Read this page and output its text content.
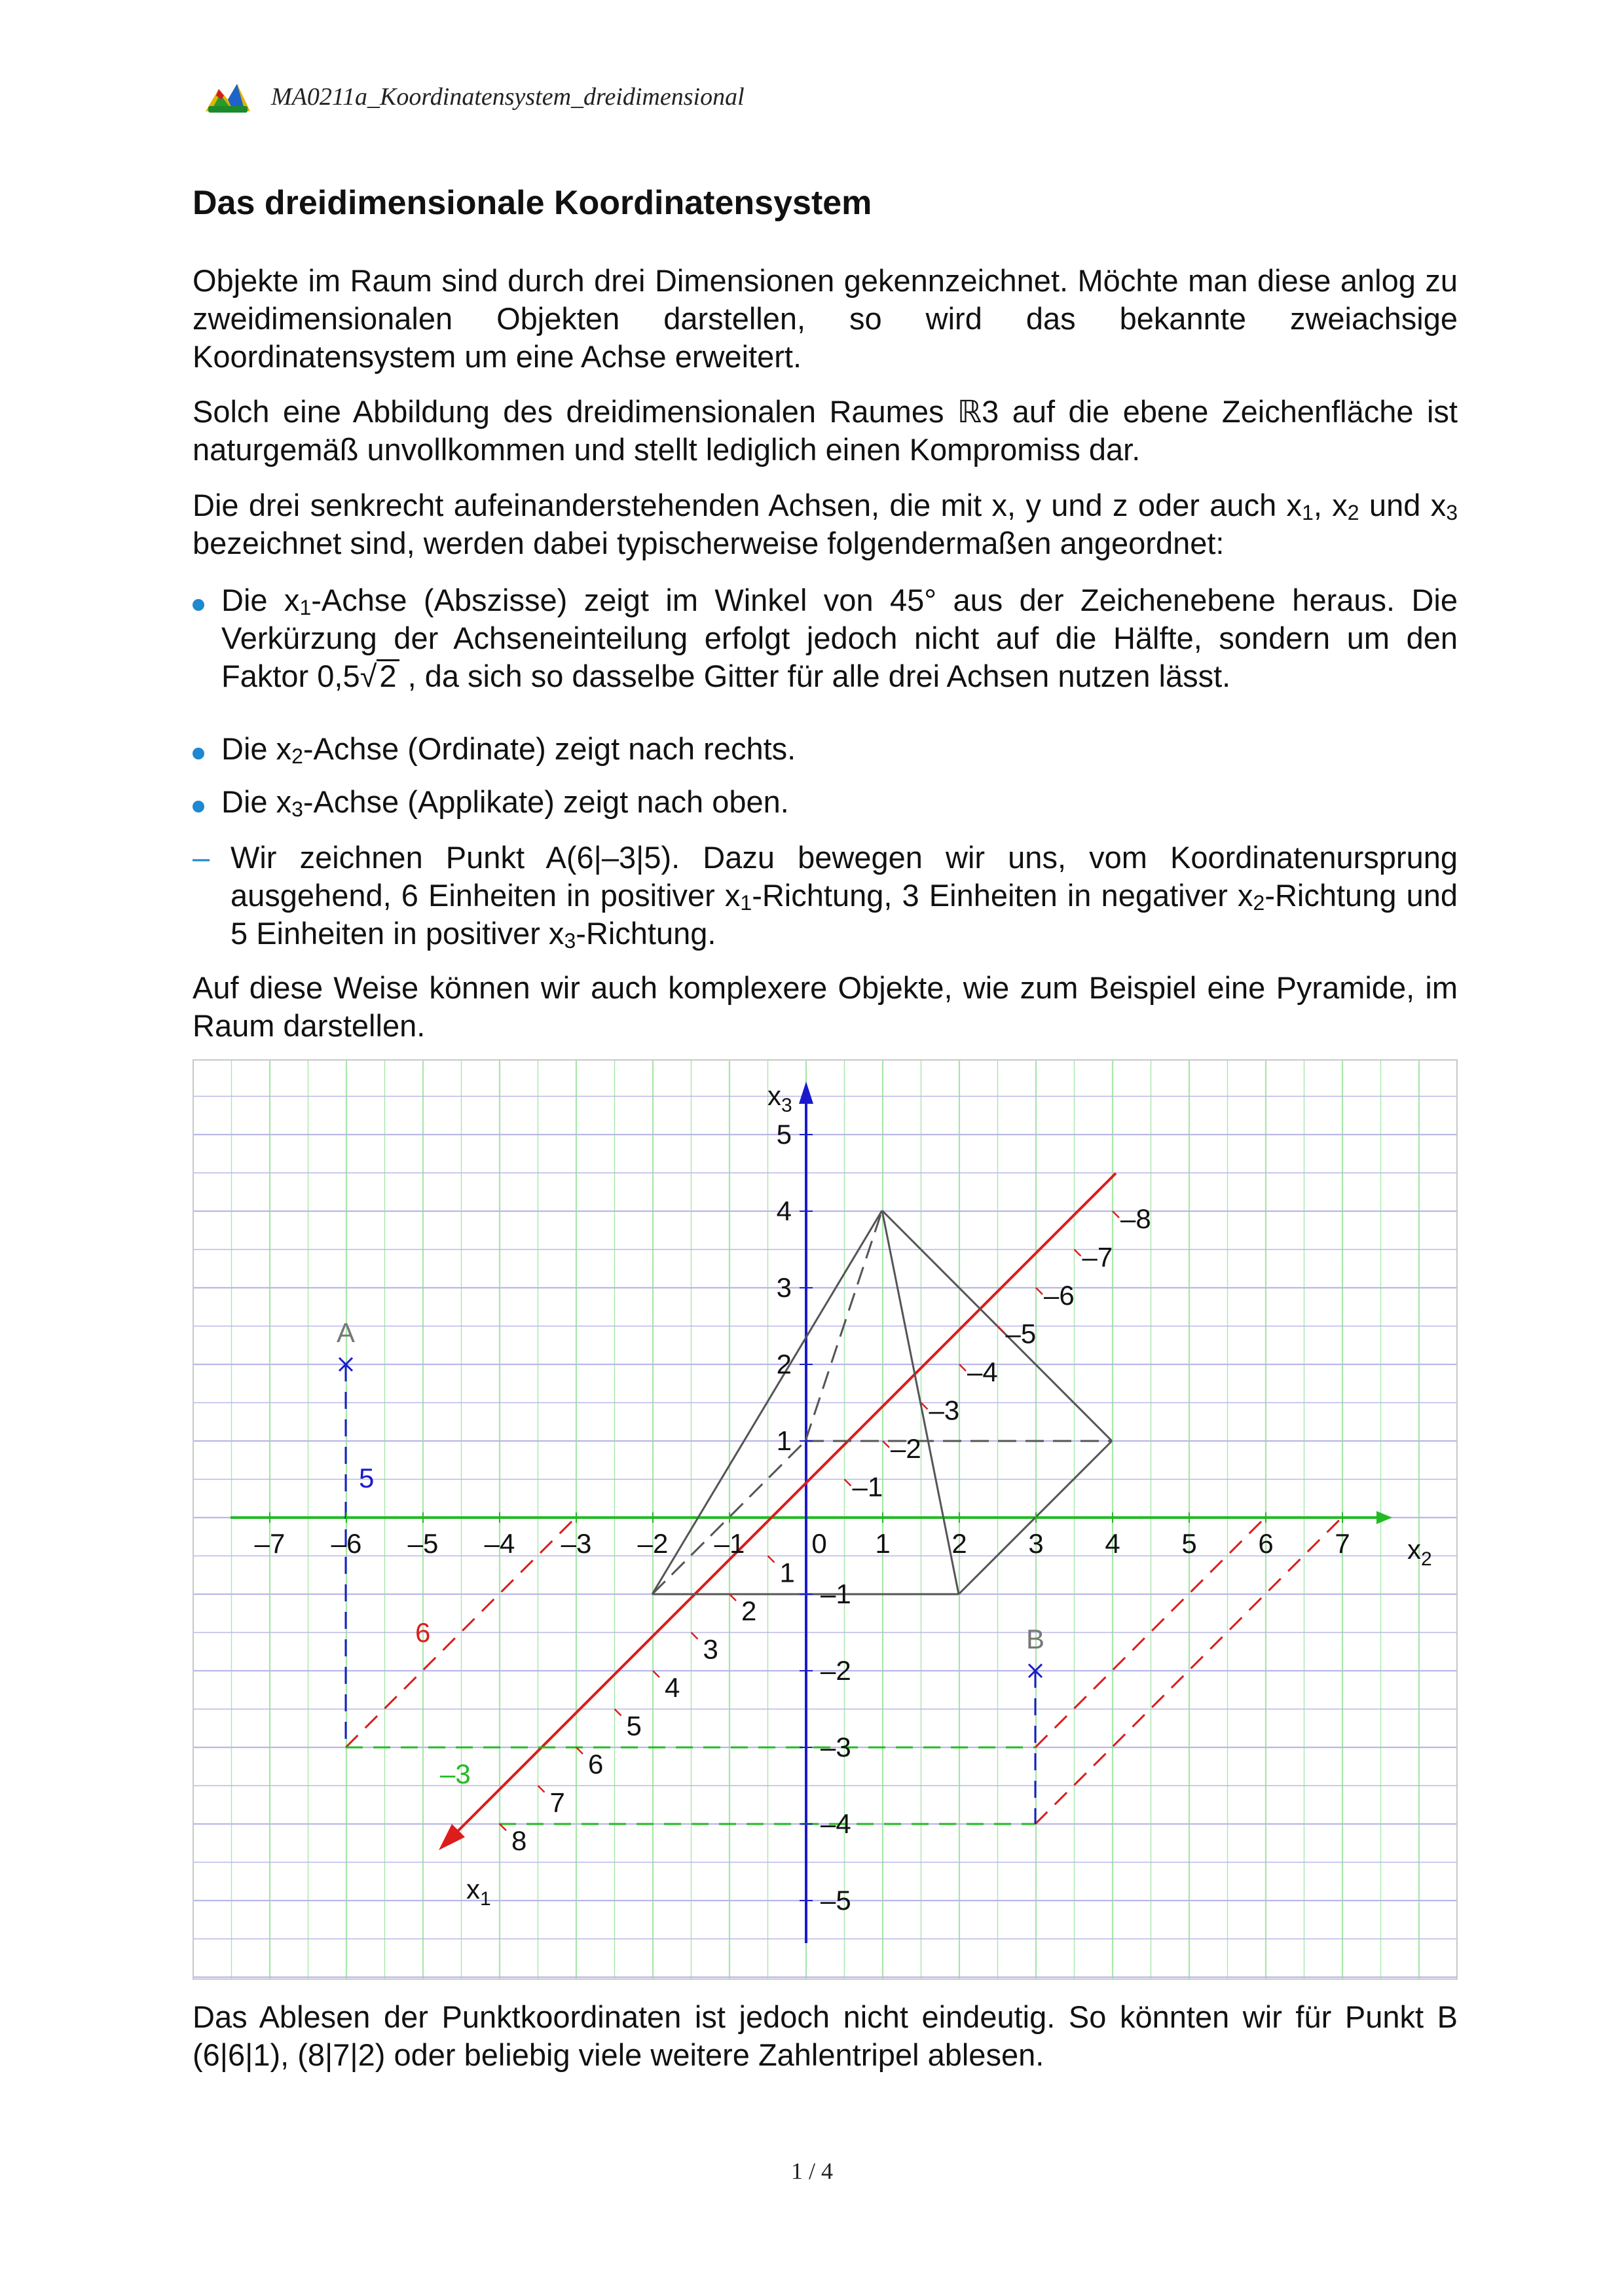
MA0211a_Koordinatensystem_dreidimensional
Das dreidimensionale Koordinatensystem
Objekte im Raum sind durch drei Dimensionen gekennzeichnet. Möchte man diese anlog zu zweidimensionalen Objekten darstellen, so wird das bekannte zweiachsige Koordinatensystem um eine Achse erweitert.
Solch eine Abbildung des dreidimensionalen Raumes ℝ3 auf die ebene Zeichenfläche ist naturgemäß unvollkommen und stellt lediglich einen Kompromiss dar.
Die drei senkrecht aufeinanderstehenden Achsen, die mit x, y und z oder auch $x_1$, $x_2$ und $x_3$ bezeichnet sind, werden dabei typischerweise folgendermaßen angeordnet:
Die $x_1$-Achse (Abszisse) zeigt im Winkel von 45° aus der Zeichenebene heraus. Die Verkürzung der Achseneinteilung erfolgt jedoch nicht auf die Hälfte, sondern um den Faktor 0,5√2 , da sich so dasselbe Gitter für alle drei Achsen nutzen lässt.
Die $x_2$-Achse (Ordinate) zeigt nach rechts.
Die $x_3$-Achse (Applikate) zeigt nach oben.
– Wir zeichnen Punkt A(6|–3|5). Dazu bewegen wir uns, vom Koordinatenursprung ausgehend, 6 Einheiten in positiver $x_1$-Richtung, 3 Einheiten in negativer $x_2$-Richtung und 5 Einheiten in positiver $x_3$-Richtung.
Auf diese Weise können wir auch komplexere Objekte, wie zum Beispiel eine Pyramide, im Raum darstellen.
–7 –6 –5 –4 –3 –2 –1 0 1 2 3 4 5 6 7
1
2
3
4
5
–1
–2
–3
–4
–5
1
2
3
4
5
6
7
8
–1
–2
–3
–4
–5
–6
–7
–8
A
B
5
6
–3
$x_2$
$x_3$
$x_1$
Das Ablesen der Punktkoordinaten ist jedoch nicht eindeutig. So könnten wir für Punkt B (6|6|1), (8|7|2) oder beliebig viele weitere Zahlentripel ablesen.
1 / 4
